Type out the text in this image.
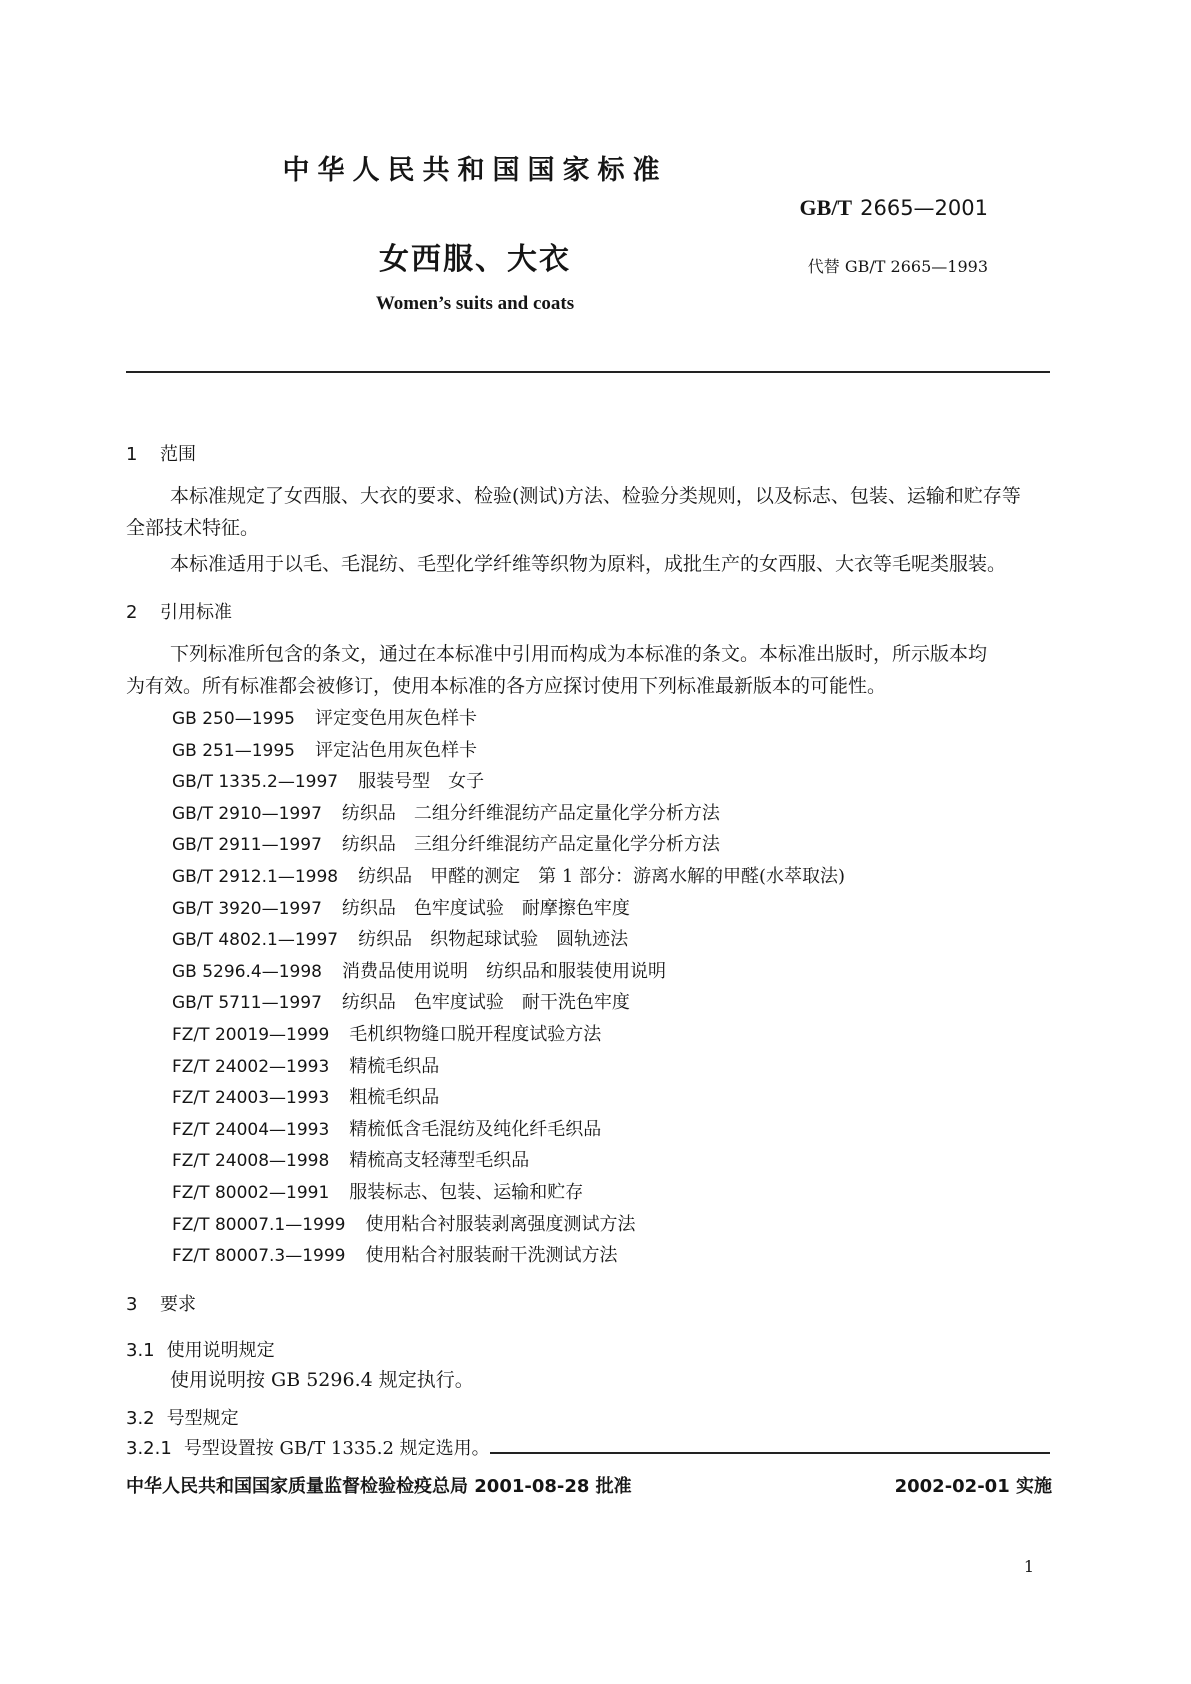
中华人民共和国国家标准
GB/T 2665—2001
女西服、大衣	代替 GB/T 2665—1993
Women’s suits and coats
1 范围
本标准规定了女西服、大衣的要求、检验(测试)方法、检验分类规则，以及标志、包装、运输和贮存等
全部技术特征。
本标准适用于以毛、毛混纺、毛型化学纤维等织物为原料，成批生产的女西服、大衣等毛呢类服装。
2 引用标准
下列标准所包含的条文，通过在本标准中引用而构成为本标准的条文。本标准出版时，所示版本均
为有效。所有标准都会被修订，使用本标准的各方应探讨使用下列标准最新版本的可能性。
GB 250—1995 评定变色用灰色样卡
GB 251—1995 评定沾色用灰色样卡
GB/T 1335.2—1997 服装号型　女子
GB/T 2910—1997 纺织品　二组分纤维混纺产品定量化学分析方法
GB/T 2911—1997 纺织品　三组分纤维混纺产品定量化学分析方法
GB/T 2912.1—1998 纺织品　甲醛的测定　第 1 部分：游离水解的甲醛(水萃取法)
GB/T 3920—1997 纺织品　色牢度试验　耐摩擦色牢度
GB/T 4802.1—1997 纺织品　织物起球试验　圆轨迹法
GB 5296.4—1998 消费品使用说明　纺织品和服装使用说明
GB/T 5711—1997 纺织品　色牢度试验　耐干洗色牢度
FZ/T 20019—1999 毛机织物缝口脱开程度试验方法
FZ/T 24002—1993 精梳毛织品
FZ/T 24003—1993 粗梳毛织品
FZ/T 24004—1993 精梳低含毛混纺及纯化纤毛织品
FZ/T 24008—1998 精梳高支轻薄型毛织品
FZ/T 80002—1991 服装标志、包装、运输和贮存
FZ/T 80007.1—1999 使用粘合衬服装剥离强度测试方法
FZ/T 80007.3—1999 使用粘合衬服装耐干洗测试方法
3 要求
3.1 使用说明规定
使用说明按 GB 5296.4 规定执行。
3.2 号型规定
3.2.1 号型设置按 GB/T 1335.2 规定选用。
中华人民共和国国家质量监督检验检疫总局 2001-08-28 批准	2002-02-01 实施
1
